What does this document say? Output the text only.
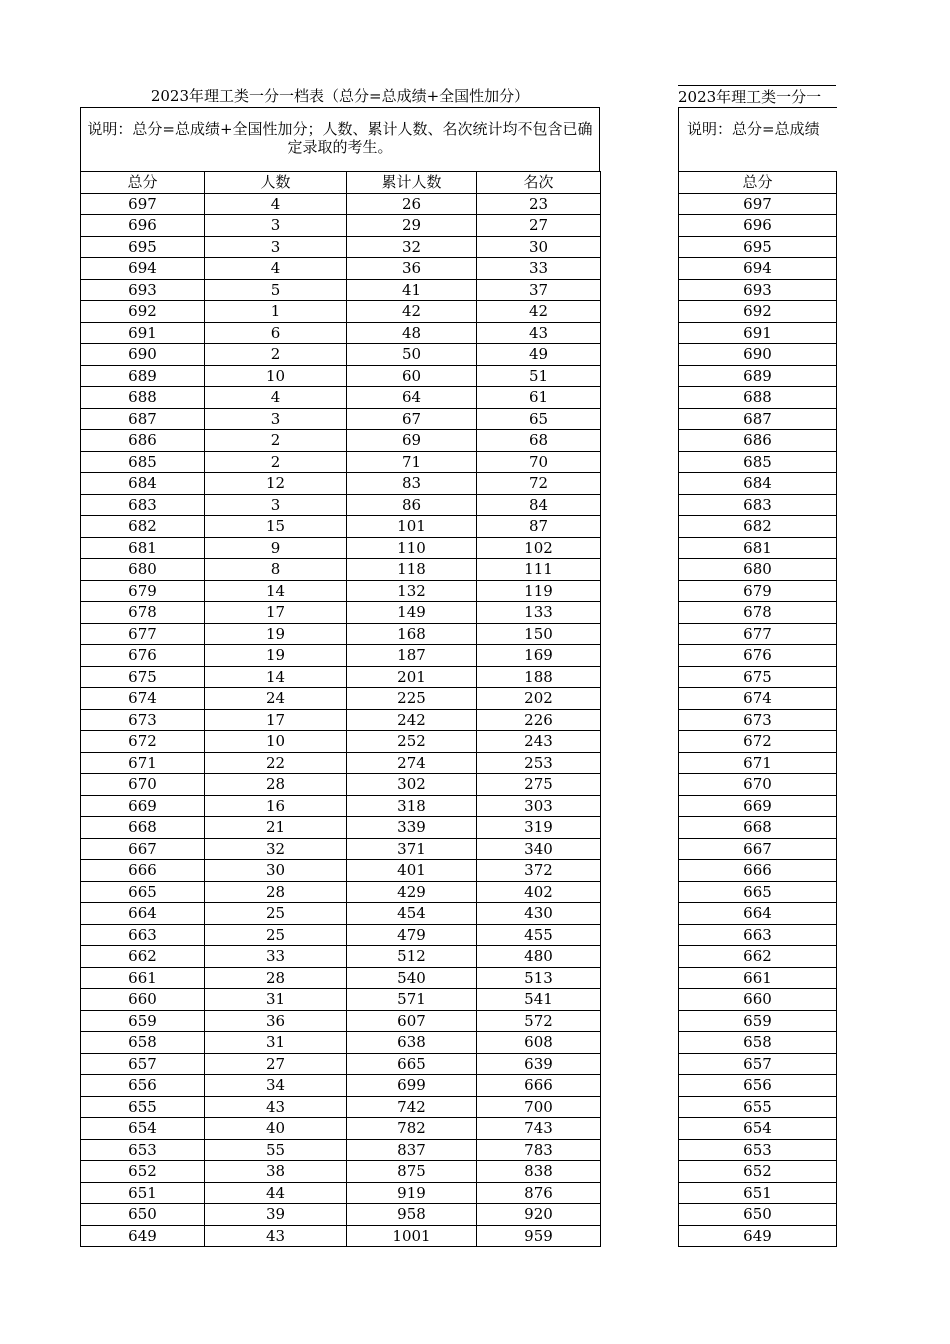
2023年理工类一分一档表（总分=总成绩+全国性加分）	2023年理工类一分一
说明：总分=总成绩+全国性加分；人数、累计人数、名次统计均不包含已确定录取的考生。
说明：总分=总成绩
总分	人数	累计人数	名次
697	4	26	23
696	3	29	27
695	3	32	30
694	4	36	33
693	5	41	37
692	1	42	42
691	6	48	43
690	2	50	49
689	10	60	51
688	4	64	61
687	3	67	65
686	2	69	68
685	2	71	70
684	12	83	72
683	3	86	84
682	15	101	87
681	9	110	102
680	8	118	111
679	14	132	119
678	17	149	133
677	19	168	150
676	19	187	169
675	14	201	188
674	24	225	202
673	17	242	226
672	10	252	243
671	22	274	253
670	28	302	275
669	16	318	303
668	21	339	319
667	32	371	340
666	30	401	372
665	28	429	402
664	25	454	430
663	25	479	455
662	33	512	480
661	28	540	513
660	31	571	541
659	36	607	572
658	31	638	608
657	27	665	639
656	34	699	666
655	43	742	700
654	40	782	743
653	55	837	783
652	38	875	838
651	44	919	876
650	39	958	920
649	43	1001	959
总分
697
696
695
694
693
692
691
690
689
688
687
686
685
684
683
682
681
680
679
678
677
676
675
674
673
672
671
670
669
668
667
666
665
664
663
662
661
660
659
658
657
656
655
654
653
652
651
650
649
